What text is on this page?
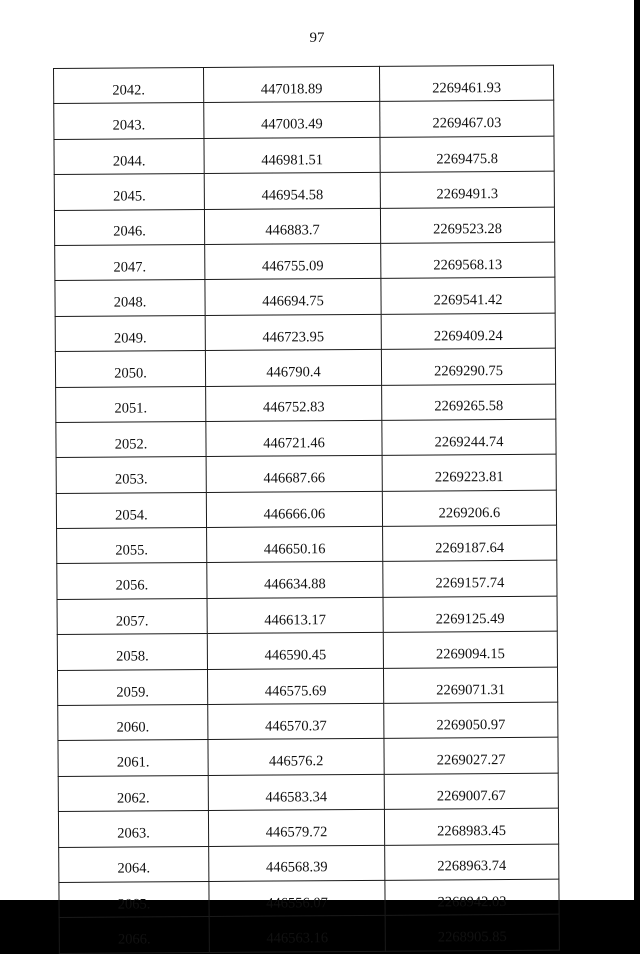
97
2042.	447018.89	2269461.93
2043.	447003.49	2269467.03
2044.	446981.51	2269475.8
2045.	446954.58	2269491.3
2046.	446883.7	2269523.28
2047.	446755.09	2269568.13
2048.	446694.75	2269541.42
2049.	446723.95	2269409.24
2050.	446790.4	2269290.75
2051.	446752.83	2269265.58
2052.	446721.46	2269244.74
2053.	446687.66	2269223.81
2054.	446666.06	2269206.6
2055.	446650.16	2269187.64
2056.	446634.88	2269157.74
2057.	446613.17	2269125.49
2058.	446590.45	2269094.15
2059.	446575.69	2269071.31
2060.	446570.37	2269050.97
2061.	446576.2	2269027.27
2062.	446583.34	2269007.67
2063.	446579.72	2268983.45
2064.	446568.39	2268963.74
2065.	446556.07	2268942.03
2066.	446563.16	2268905.85
